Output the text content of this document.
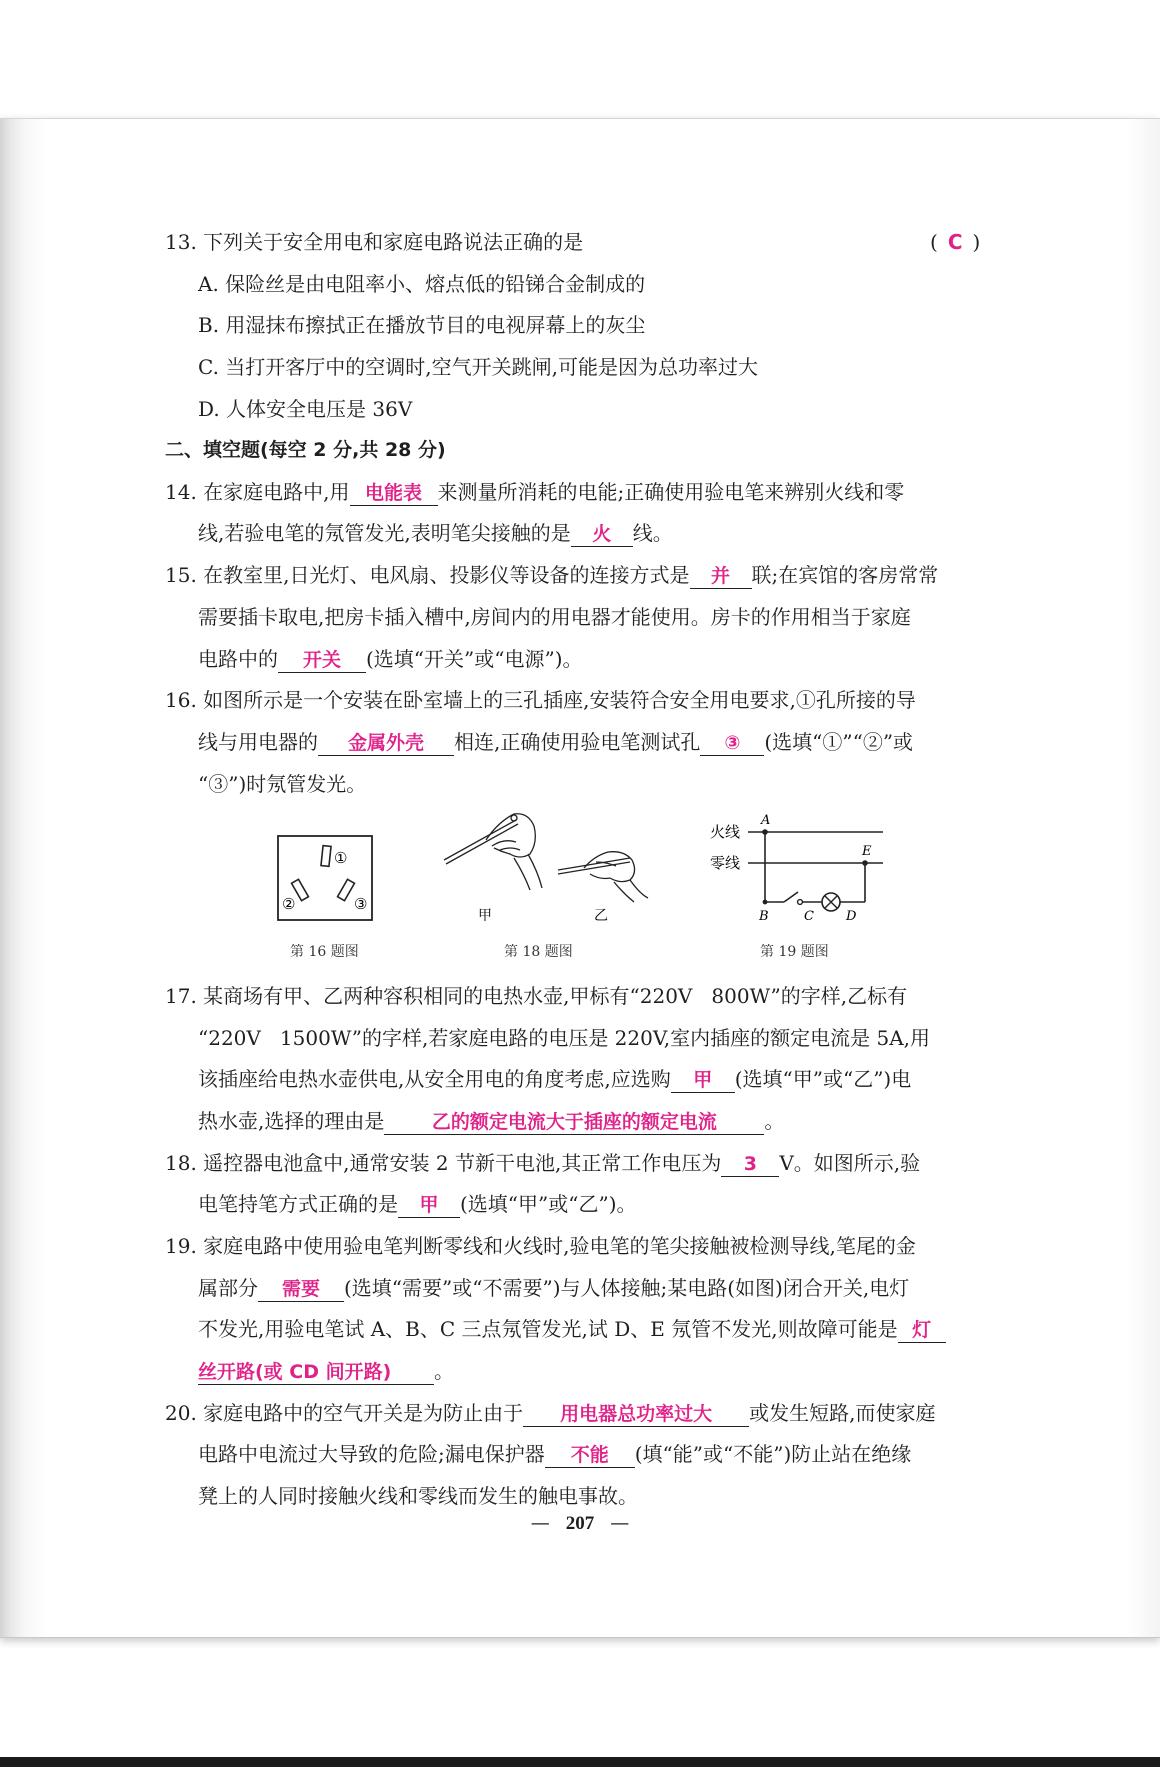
13. 下列关于安全用电和家庭电路说法正确的是	( C )
A. 保险丝是由电阻率小、熔点低的铅锑合金制成的
B. 用湿抹布擦拭正在播放节目的电视屏幕上的灰尘
C. 当打开客厅中的空调时,空气开关跳闸,可能是因为总功率过大
D. 人体安全电压是 36V
二、填空题(每空 2 分,共 28 分)
14. 在家庭电路中,用 电能表 来测量所消耗的电能;正确使用验电笔来辨别火线和零
线,若验电笔的氖管发光,表明笔尖接触的是 火 线。
15. 在教室里,日光灯、电风扇、投影仪等设备的连接方式是 并 联;在宾馆的客房常常
需要插卡取电,把房卡插入槽中,房间内的用电器才能使用。房卡的作用相当于家庭
电路中的 开关 (选填“开关”或“电源”)。
16. 如图所示是一个安装在卧室墙上的三孔插座,安装符合安全用电要求,①孔所接的导
线与用电器的 金属外壳 相连,正确使用验电笔测试孔 ③ (选填“①”“②”或
“③”)时氖管发光。
①
②	③
第 16 题图
甲	乙
第 18 题图
火线
零线
A
B	C D
E
第 19 题图
17. 某商场有甲、乙两种容积相同的电热水壶,甲标有“220V   800W”的字样,乙标有
“220V   1500W”的字样,若家庭电路的电压是 220V,室内插座的额定电流是 5A,用
该插座给电热水壶供电,从安全用电的角度考虑,应选购 甲 (选填“甲”或“乙”)电
热水壶,选择的理由是 乙的额定电流大于插座的额定电流 。
18. 遥控器电池盒中,通常安装 2 节新干电池,其正常工作电压为 3 V。如图所示,验
电笔持笔方式正确的是 甲 (选填“甲”或“乙”)。
19. 家庭电路中使用验电笔判断零线和火线时,验电笔的笔尖接触被检测导线,笔尾的金
属部分 需要 (选填“需要”或“不需要”)与人体接触;某电路(如图)闭合开关,电灯
不发光,用验电笔试 A、B、C 三点氖管发光,试 D、E 氖管不发光,则故障可能是 灯
丝开路(或 CD 间开路) 。
20. 家庭电路中的空气开关是为防止由于 用电器总功率过大 或发生短路,而使家庭
电路中电流过大导致的危险;漏电保护器 不能 (填“能”或“不能”)防止站在绝缘
凳上的人同时接触火线和零线而发生的触电事故。
— 207 —
